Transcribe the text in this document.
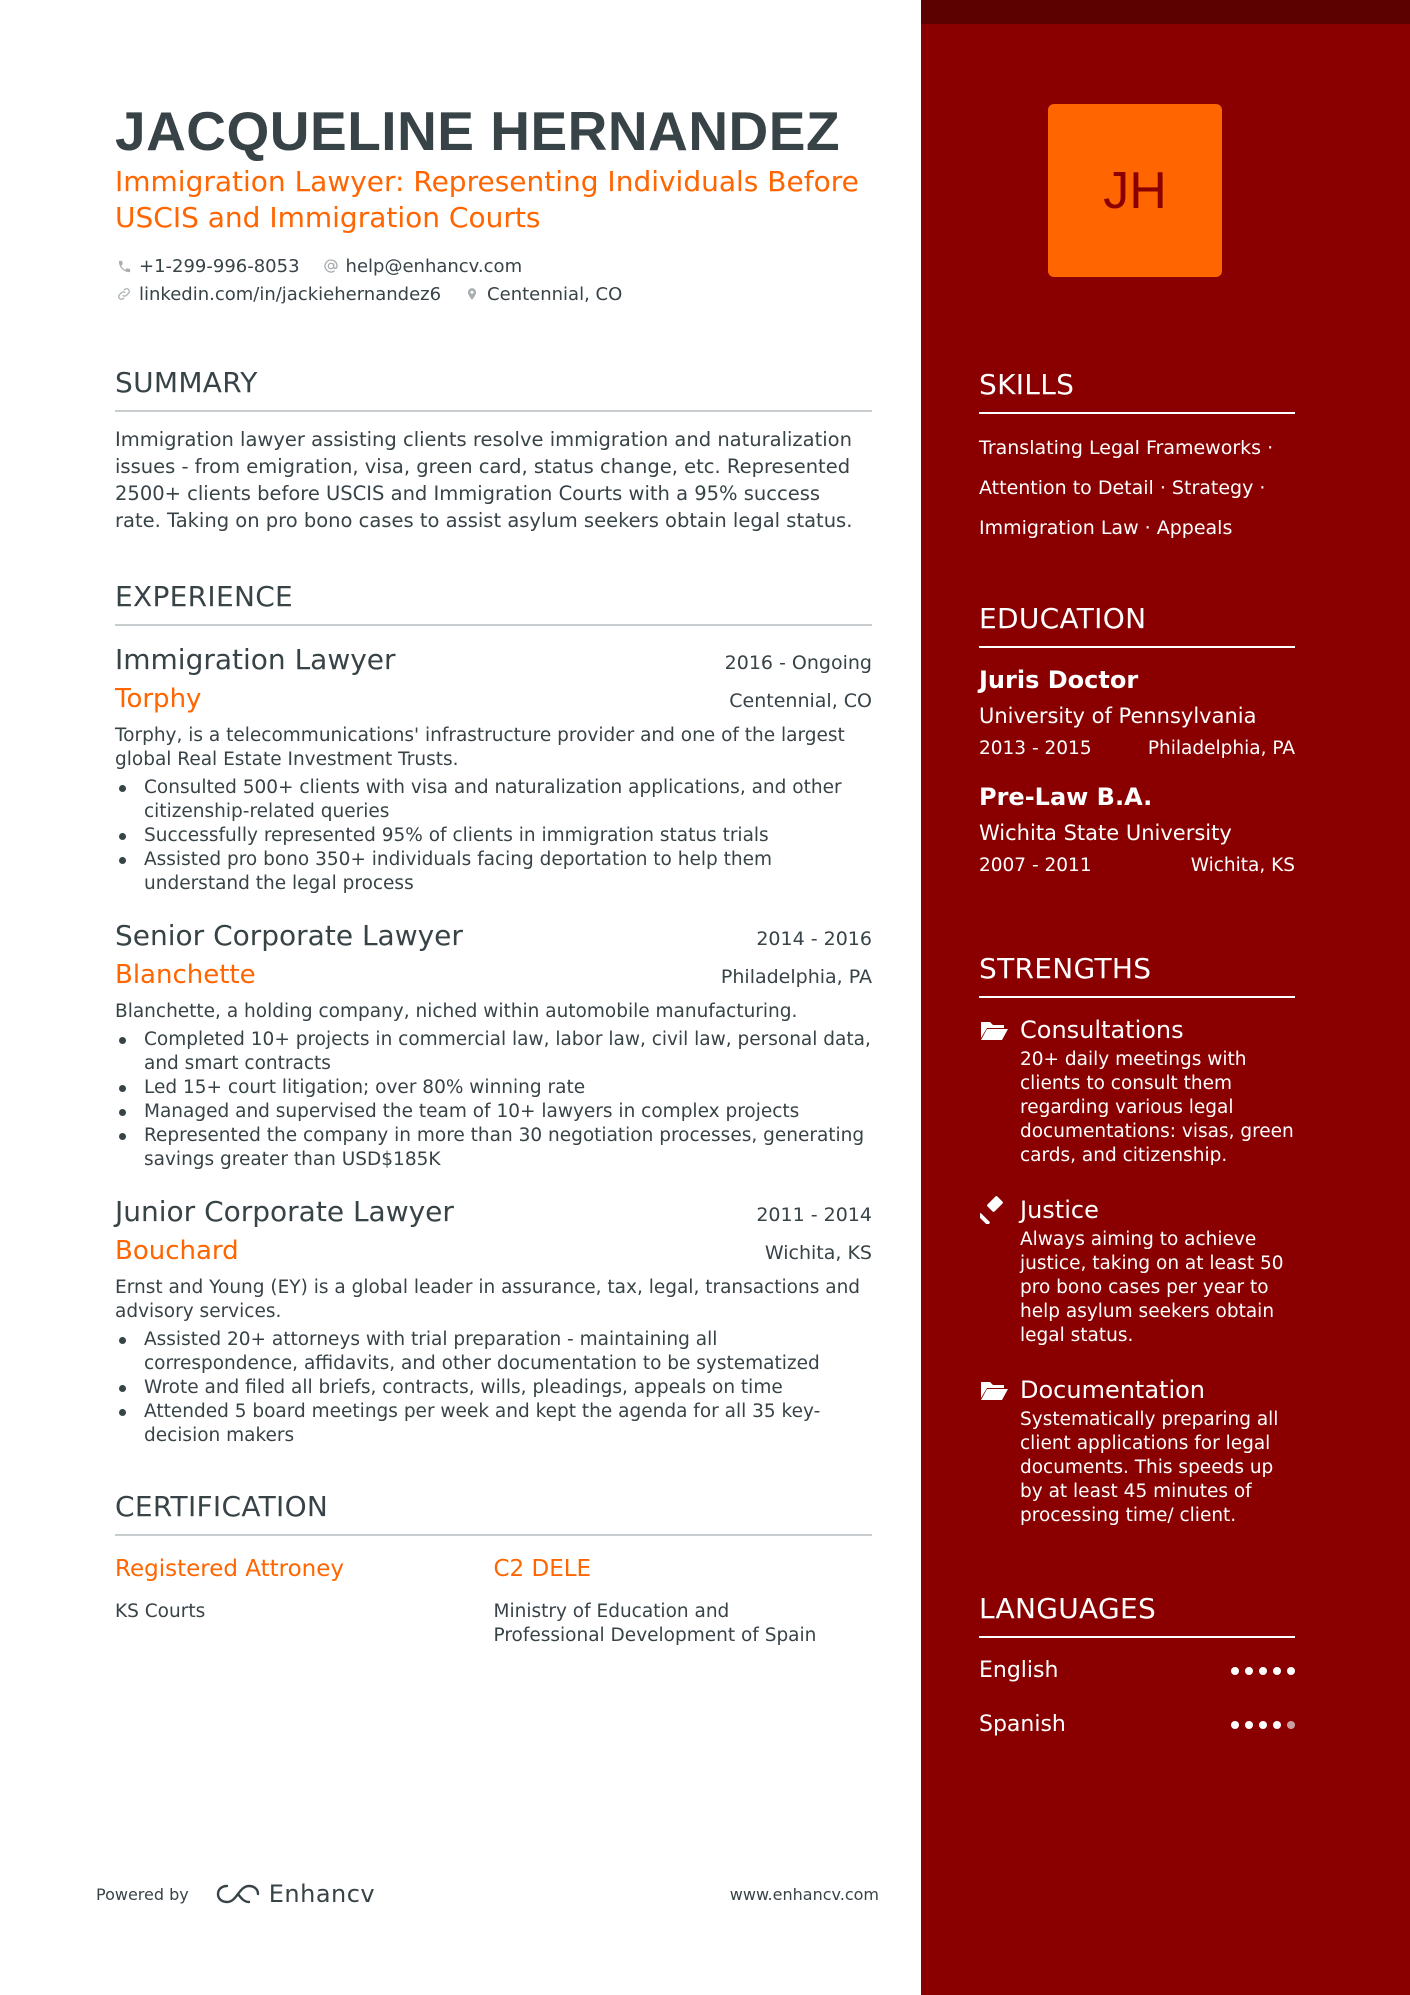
JACQUELINE HERNANDEZ
Immigration Lawyer: Representing Individuals Before USCIS and Immigration Courts
+1-299-996-8053	help@enhancv.com
linkedin.com/in/jackiehernandez6	Centennial, CO
SUMMARY

Immigration lawyer assisting clients resolve immigration and naturalization issues - from emigration, visa, green card, status change, etc. Represented 2500+ clients before USCIS and Immigration Courts with a 95% success rate. Taking on pro bono cases to assist asylum seekers obtain legal status.

EXPERIENCE
Immigration Lawyer	2016 - Ongoing
Torphy	Centennial, CO

Torphy, is a telecommunications' infrastructure provider and one of the largest global Real Estate Investment Trusts.

Consulted 500+ clients with visa and naturalization applications, and other citizenship-related queries
Successfully represented 95% of clients in immigration status trials
Assisted pro bono 350+ individuals facing deportation to help them understand the legal process
Senior Corporate Lawyer	2014 - 2016
Blanchette	Philadelphia, PA

Blanchette, a holding company, niched within automobile manufacturing.

Completed 10+ projects in commercial law, labor law, civil law, personal data, and smart contracts
Led 15+ court litigation; over 80% winning rate
Managed and supervised the team of 10+ lawyers in complex projects
Represented the company in more than 30 negotiation processes, generating savings greater than USD$185K
Junior Corporate Lawyer	2011 - 2014
Bouchard	Wichita, KS

Ernst and Young (EY) is a global leader in assurance, tax, legal, transactions and advisory services.

Assisted 20+ attorneys with trial preparation - maintaining all correspondence, affidavits, and other documentation to be systematized
Wrote and filed all briefs, contracts, wills, pleadings, appeals on time
Attended 5 board meetings per week and kept the agenda for all 35 key-decision makers
CERTIFICATION
Registered Attroney
KS Courts
C2 DELE
Ministry of Education and Professional Development of Spain
Powered by	Enhancv	www.enhancv.com
JH
SKILLS
Translating Legal Frameworks ·
Attention to Detail · Strategy ·
Immigration Law · Appeals
EDUCATION
Juris Doctor
University of Pennsylvania
2013 - 2015	Philadelphia, PA
Pre-Law B.A.
Wichita State University
2007 - 2011	Wichita, KS
STRENGTHS
Consultations
20+ daily meetings with clients to consult them regarding various legal documentations: visas, green cards, and citizenship.
Justice
Always aiming to achieve justice, taking on at least 50 pro bono cases per year to help asylum seekers obtain legal status.
Documentation
Systematically preparing all client applications for legal documents. This speeds up by at least 45 minutes of processing time/ client.
LANGUAGES
English
Spanish
